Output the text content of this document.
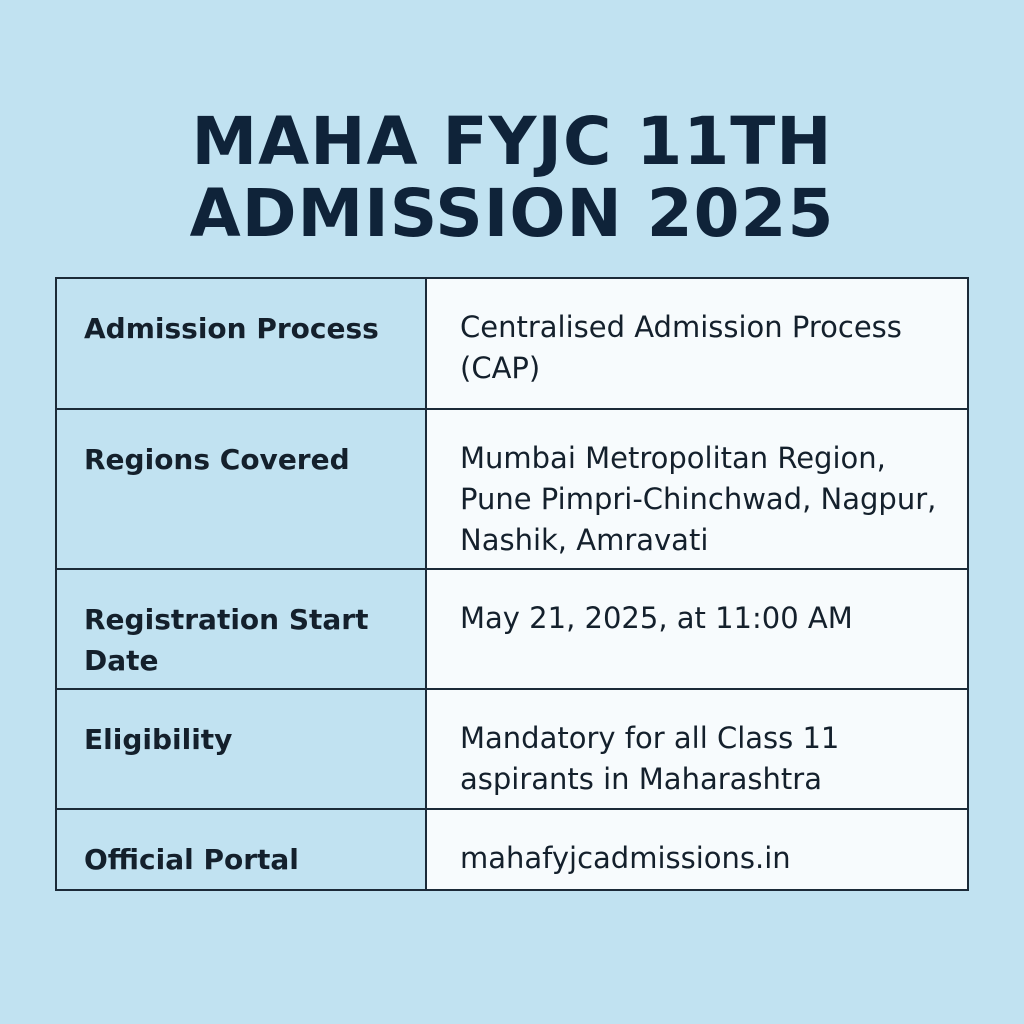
MAHA FYJC 11TH
ADMISSION 2025
Admission Process	Centralised Admission Process (CAP)
Regions Covered	Mumbai Metropolitan Region, Pune Pimpri-Chinchwad, Nagpur, Nashik, Amravati
Registration Start Date	May 21, 2025, at 11:00 AM
Eligibility	Mandatory for all Class 11 aspirants in Maharashtra
Official Portal	mahafyjcadmissions.in
